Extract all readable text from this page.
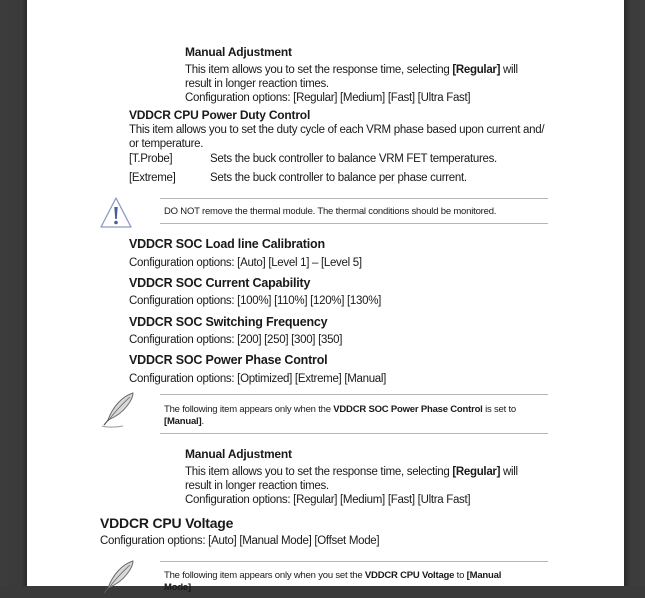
Manual Adjustment
This item allows you to set the response time, selecting [Regular] will
result in longer reaction times.
Configuration options: [Regular] [Medium] [Fast] [Ultra Fast]
VDDCR CPU Power Duty Control
This item allows you to set the duty cycle of each VRM phase based upon current and/
or temperature.
[T.Probe]	Sets the buck controller to balance VRM FET temperatures.
[Extreme]	Sets the buck controller to balance per phase current.
DO NOT remove the thermal module. The thermal conditions should be monitored.
VDDCR SOC Load line Calibration
Configuration options: [Auto] [Level 1] – [Level 5]
VDDCR SOC Current Capability
Configuration options: [100%] [110%] [120%] [130%]
VDDCR SOC Switching Frequency
Configuration options: [200] [250] [300] [350]
VDDCR SOC Power Phase Control
Configuration options: [Optimized] [Extreme] [Manual]
The following item appears only when the VDDCR SOC Power Phase Control is set to
[Manual].
Manual Adjustment
This item allows you to set the response time, selecting [Regular] will
result in longer reaction times.
Configuration options: [Regular] [Medium] [Fast] [Ultra Fast]
VDDCR CPU Voltage
Configuration options: [Auto] [Manual Mode] [Offset Mode]
The following item appears only when you set the VDDCR CPU Voltage to [Manual
Mode]
